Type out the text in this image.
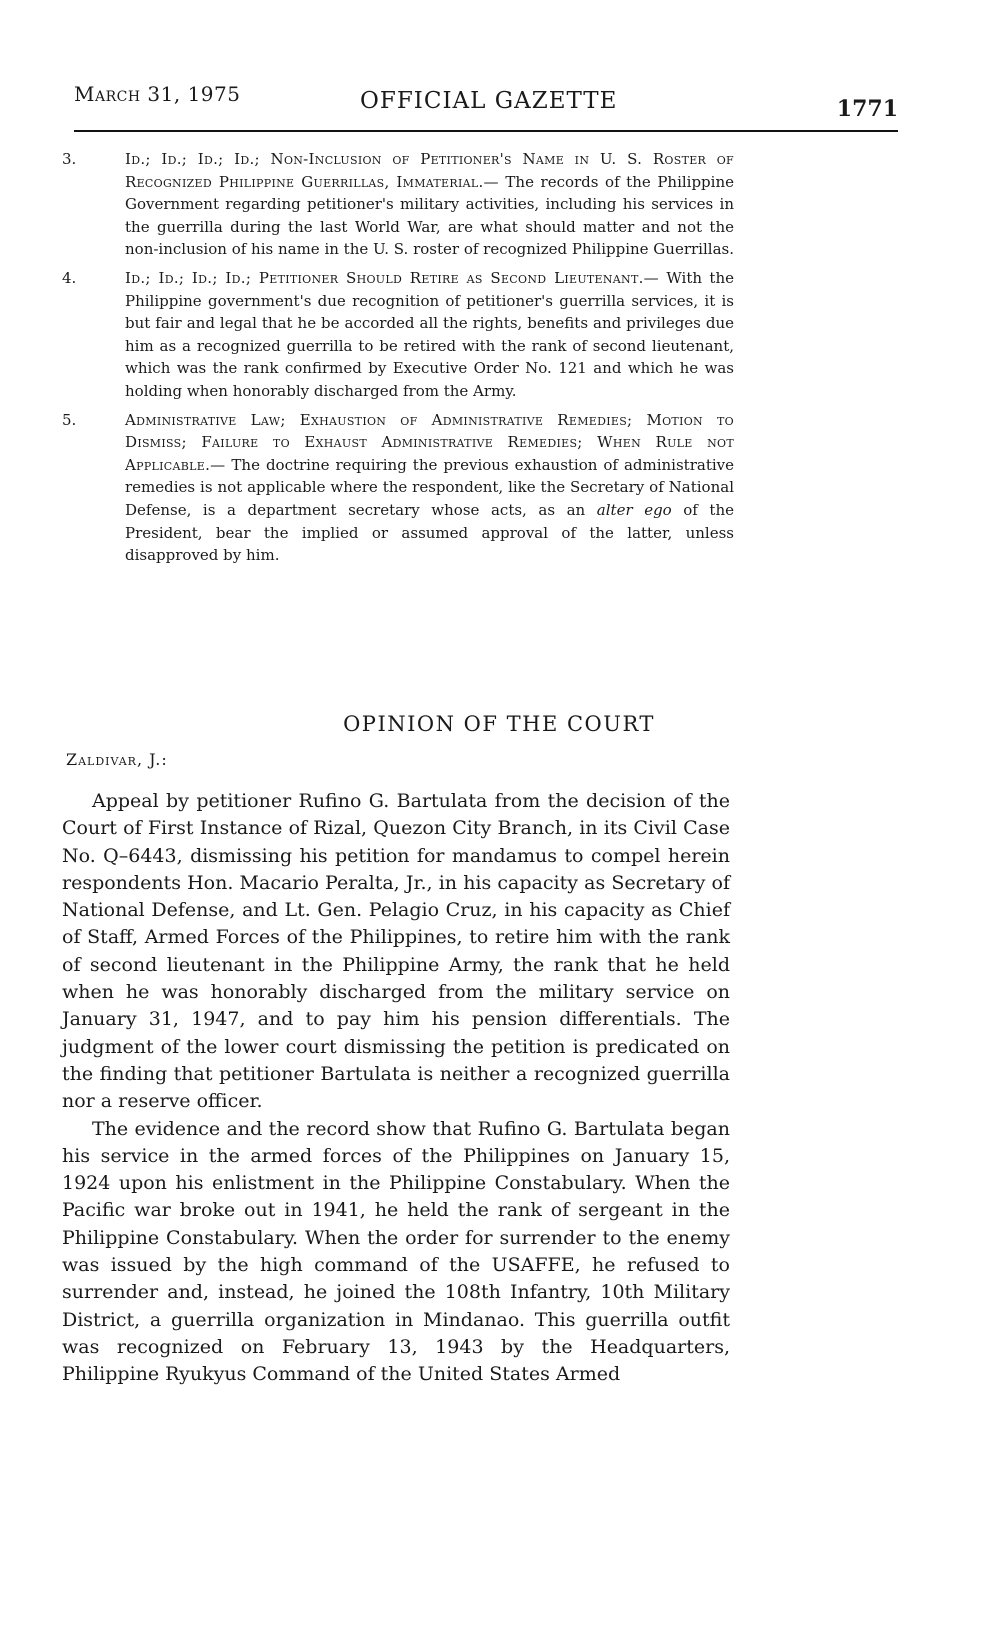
March 31, 1975	OFFICIAL GAZETTE	1771
3.	Id.; Id.; Id.; Id.; Non-Inclusion of Petitioner's Name in U. S. Roster of Recognized Philippine Guerrillas, Immaterial.— The records of the Philippine Government regarding petitioner's military activities, including his services in the guerrilla during the last World War, are what should matter and not the non-inclusion of his name in the U. S. roster of recognized Philippine Guerrillas.
4.	Id.; Id.; Id.; Id.; Petitioner Should Retire as Second Lieutenant.— With the Philippine government's due recognition of petitioner's guerrilla services, it is but fair and legal that he be accorded all the rights, benefits and privileges due him as a recognized guerrilla to be retired with the rank of second lieutenant, which was the rank confirmed by Executive Order No. 121 and which he was holding when honorably discharged from the Army.
5.	Administrative Law; Exhaustion of Administrative Remedies; Motion to Dismiss; Failure to Exhaust Administrative Remedies; When Rule not Applicable.— The doctrine requiring the previous exhaustion of administrative remedies is not applicable where the respondent, like the Secretary of National Defense, is a department secretary whose acts, as an alter ego of the President, bear the implied or assumed approval of the latter, unless disapproved by him.
OPINION OF THE COURT
Zaldivar, J.:

Appeal by petitioner Rufino G. Bartulata from the decision of the Court of First Instance of Rizal, Quezon City Branch, in its Civil Case No. Q–6443, dismissing his petition for mandamus to compel herein respondents Hon. Macario Peralta, Jr., in his capacity as Secretary of National Defense, and Lt. Gen. Pelagio Cruz, in his capacity as Chief of Staff, Armed Forces of the Philippines, to retire him with the rank of second lieutenant in the Philippine Army, the rank that he held when he was honorably discharged from the military service on January 31, 1947, and to pay him his pension differentials. The judgment of the lower court dismissing the petition is predicated on the finding that petitioner Bartulata is neither a recognized guerrilla nor a reserve officer.

The evidence and the record show that Rufino G. Bartulata began his service in the armed forces of the Philippines on January 15, 1924 upon his enlistment in the Philippine Constabulary. When the Pacific war broke out in 1941, he held the rank of sergeant in the Philippine Constabulary. When the order for surrender to the enemy was issued by the high command of the USAFFE, he refused to surrender and, instead, he joined the 108th Infantry, 10th Military District, a guerrilla organization in Mindanao. This guerrilla outfit was recognized on February 13, 1943 by the Headquarters, Philippine Ryukyus Command of the United States Armed
